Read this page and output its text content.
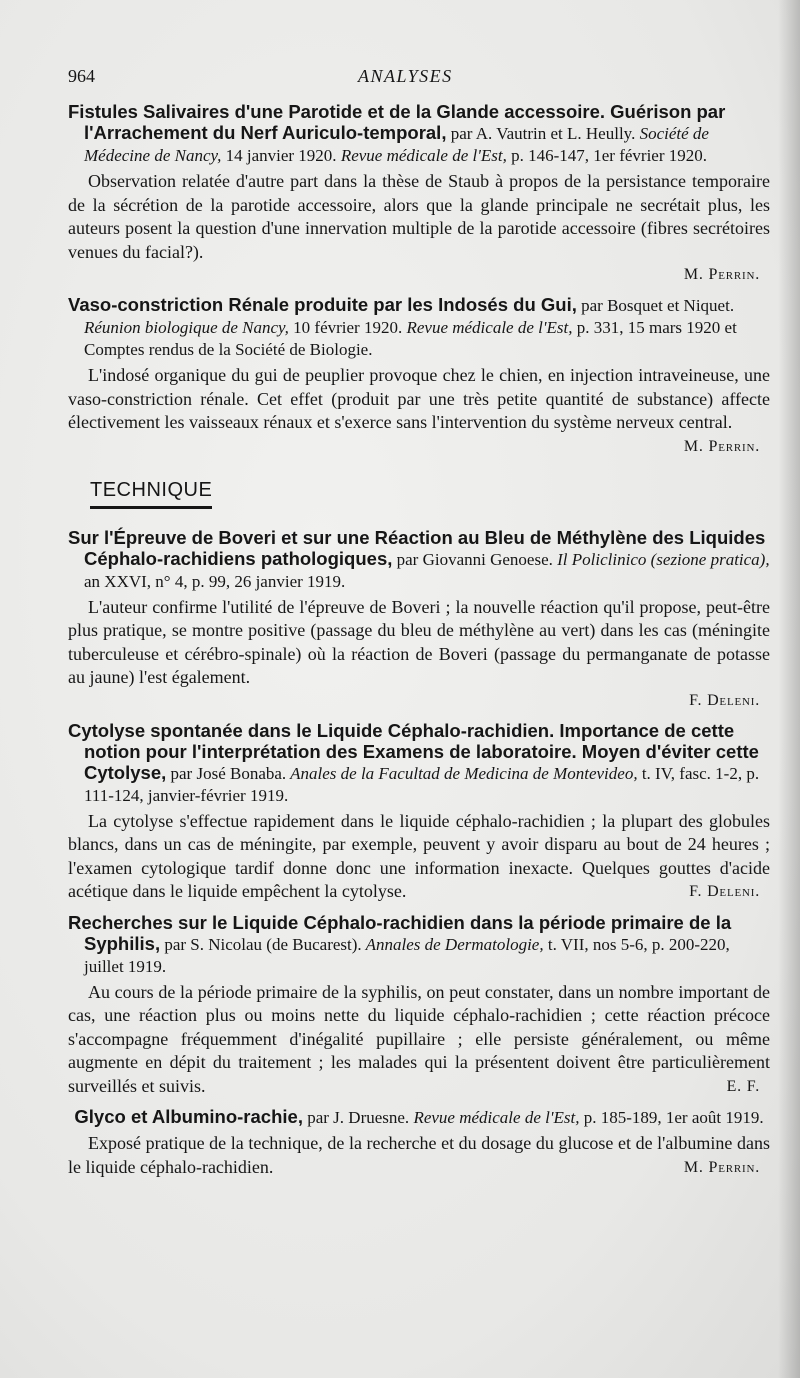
964	ANALYSES

Fistules Salivaires d'une Parotide et de la Glande accessoire. Guérison par l'Arrachement du Nerf Auriculo-temporal, par A. Vautrin et L. Heully. Société de Médecine de Nancy, 14 janvier 1920. Revue médicale de l'Est, p. 146-147, 1er février 1920.

Observation relatée d'autre part dans la thèse de Staub à propos de la persistance temporaire de la sécrétion de la parotide accessoire, alors que la glande principale ne secrétait plus, les auteurs posent la question d'une innervation multiple de la parotide accessoire (fibres secrétoires venues du facial?).

M. Perrin.

Vaso-constriction Rénale produite par les Indosés du Gui, par Bosquet et Niquet. Réunion biologique de Nancy, 10 février 1920. Revue médicale de l'Est, p. 331, 15 mars 1920 et Comptes rendus de la Société de Biologie.

L'indosé organique du gui de peuplier provoque chez le chien, en injection intraveineuse, une vaso-constriction rénale. Cet effet (produit par une très petite quantité de substance) affecte électivement les vaisseaux rénaux et s'exerce sans l'intervention du système nerveux central.
M. Perrin.

TECHNIQUE

Sur l'Épreuve de Boveri et sur une Réaction au Bleu de Méthylène des Liquides Céphalo-rachidiens pathologiques, par Giovanni Genoese. Il Policlinico (sezione pratica), an XXVI, n° 4, p. 99, 26 janvier 1919.

L'auteur confirme l'utilité de l'épreuve de Boveri ; la nouvelle réaction qu'il propose, peut-être plus pratique, se montre positive (passage du bleu de méthylène au vert) dans les cas (méningite tuberculeuse et cérébro-spinale) où la réaction de Boveri (passage du permanganate de potasse au jaune) l'est également.

F. Deleni.

Cytolyse spontanée dans le Liquide Céphalo-rachidien. Importance de cette notion pour l'interprétation des Examens de laboratoire. Moyen d'éviter cette Cytolyse, par José Bonaba. Anales de la Facultad de Medicina de Montevideo, t. IV, fasc. 1-2, p. 111-124, janvier-février 1919.

La cytolyse s'effectue rapidement dans le liquide céphalo-rachidien ; la plupart des globules blancs, dans un cas de méningite, par exemple, peuvent y avoir disparu au bout de 24 heures ; l'examen cytologique tardif donne donc une information inexacte. Quelques gouttes d'acide acétique dans le liquide empêchent la cytolyse.	F. Deleni.

Recherches sur le Liquide Céphalo-rachidien dans la période primaire de la Syphilis, par S. Nicolau (de Bucarest). Annales de Dermatologie, t. VII, nos 5-6, p. 200-220, juillet 1919.

Au cours de la période primaire de la syphilis, on peut constater, dans un nombre important de cas, une réaction plus ou moins nette du liquide céphalo-rachidien ; cette réaction précoce s'accompagne fréquemment d'inégalité pupillaire ; elle persiste généralement, ou même augmente en dépit du traitement ; les malades qui la présentent doivent être particulièrement surveillés et suivis.	E. F.

Glyco et Albumino-rachie, par J. Druesne. Revue médicale de l'Est, p. 185-189, 1er août 1919.

Exposé pratique de la technique, de la recherche et du dosage du glucose et de l'albumine dans le liquide céphalo-rachidien.	M. Perrin.
